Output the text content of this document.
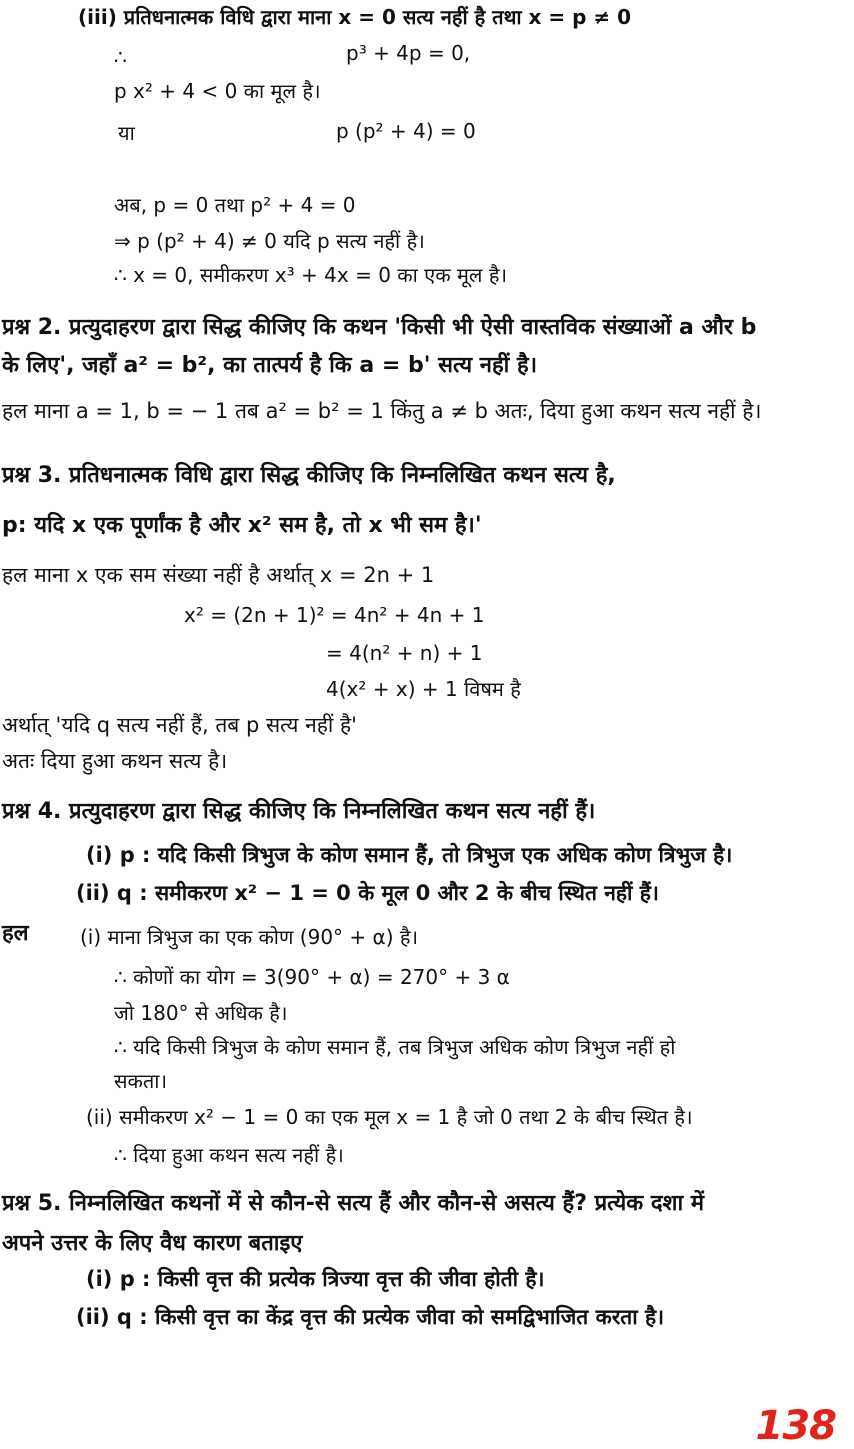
(iii) प्रतिधनात्मक विधि द्वारा माना x = 0 सत्य नहीं है तथा x = p ≠ 0
∴	p³ + 4p = 0,
p x² + 4 < 0 का मूल है।
या	p (p² + 4) = 0
अब, p = 0 तथा p² + 4 = 0
⇒ p (p² + 4) ≠ 0 यदि p सत्य नहीं है।
∴ x = 0, समीकरण x³ + 4x = 0 का एक मूल है।
प्रश्न 2. प्रत्युदाहरण द्वारा सिद्ध कीजिए कि कथन 'किसी भी ऐसी वास्तविक संख्याओं a और b
के लिए', जहाँ a² = b², का तात्पर्य है कि a = b' सत्य नहीं है।
हल माना a = 1, b = − 1 तब a² = b² = 1 किंतु a ≠ b अतः, दिया हुआ कथन सत्य नहीं है।
प्रश्न 3. प्रतिधनात्मक विधि द्वारा सिद्ध कीजिए कि निम्नलिखित कथन सत्य है,
p: यदि x एक पूर्णांक है और x² सम है, तो x भी सम है।'
हल माना x एक सम संख्या नहीं है अर्थात् x = 2n + 1
x² = (2n + 1)² = 4n² + 4n + 1
= 4(n² + n) + 1
4(x² + x) + 1 विषम है
अर्थात् 'यदि q सत्य नहीं हैं, तब p सत्य नहीं है'
अतः दिया हुआ कथन सत्य है।
प्रश्न 4. प्रत्युदाहरण द्वारा सिद्ध कीजिए कि निम्नलिखित कथन सत्य नहीं हैं।
(i) p : यदि किसी त्रिभुज के कोण समान हैं, तो त्रिभुज एक अधिक कोण त्रिभुज है।
(ii) q : समीकरण x² − 1 = 0 के मूल 0 और 2 के बीच स्थित नहीं हैं।
हल	(i) माना त्रिभुज का एक कोण (90° + α) है।
∴ कोणों का योग = 3(90° + α) = 270° + 3 α
जो 180° से अधिक है।
∴ यदि किसी त्रिभुज के कोण समान हैं, तब त्रिभुज अधिक कोण त्रिभुज नहीं हो
सकता।
(ii) समीकरण x² − 1 = 0 का एक मूल x = 1 है जो 0 तथा 2 के बीच स्थित है।
∴ दिया हुआ कथन सत्य नहीं है।
प्रश्न 5. निम्नलिखित कथनों में से कौन-से सत्य हैं और कौन-से असत्य हैं? प्रत्येक दशा में
अपने उत्तर के लिए वैध कारण बताइए
(i) p : किसी वृत्त की प्रत्येक त्रिज्या वृत्त की जीवा होती है।
(ii) q : किसी वृत्त का केंद्र वृत्त की प्रत्येक जीवा को समद्विभाजित करता है।
138
